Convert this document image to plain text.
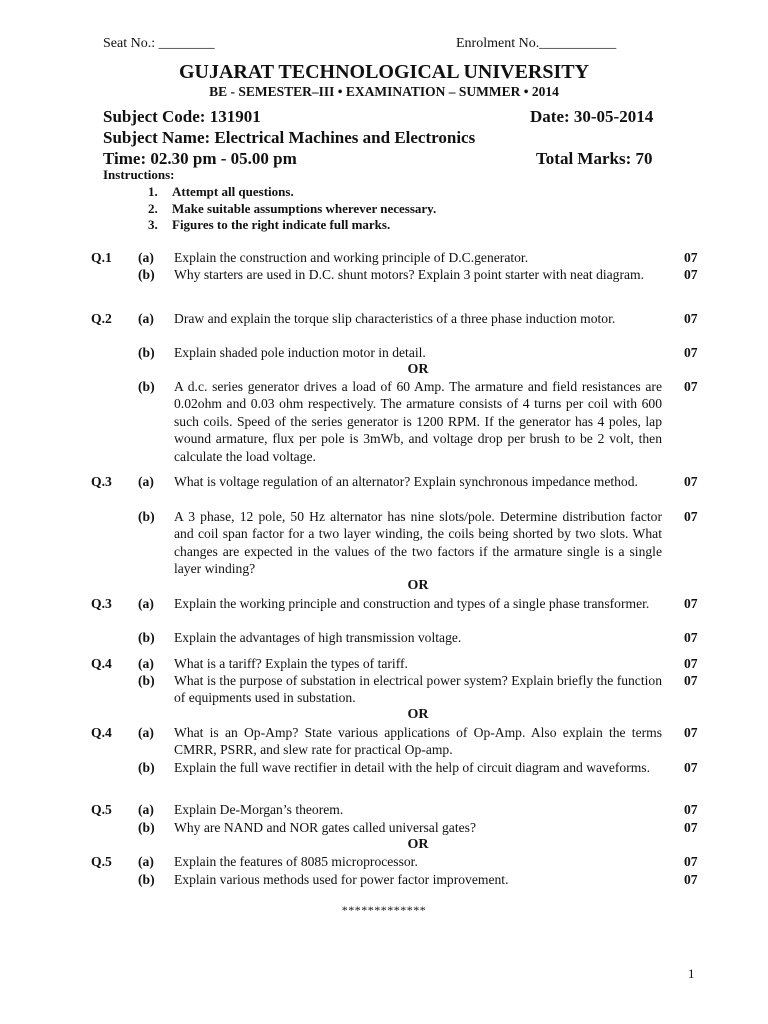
Seat No.: ________	Enrolment No.___________
GUJARAT TECHNOLOGICAL UNIVERSITY
BE - SEMESTER–III • EXAMINATION – SUMMER • 2014
Subject Code: 131901	Date: 30-05-2014
Subject Name: Electrical Machines and Electronics
Time: 02.30 pm - 05.00 pm	Total Marks: 70
Instructions:
1. Attempt all questions.
2. Make suitable assumptions wherever necessary.
3. Figures to the right indicate full marks.
Q.1 (a) Explain the construction and working principle of D.C.generator.	07
(b) Why starters are used in D.C. shunt motors? Explain 3 point starter with neat diagram.	07
Q.2 (a) Draw and explain the torque slip characteristics of a three phase induction motor.	07
(b) Explain shaded pole induction motor in detail.	07
OR
(b) A d.c. series generator drives a load of 60 Amp. The armature and field resistances are 0.02ohm and 0.03 ohm respectively. The armature consists of 4 turns per coil with 600 such coils. Speed of the series generator is 1200 RPM. If the generator has 4 poles, lap wound armature, flux per pole is 3mWb, and voltage drop per brush to be 2 volt, then calculate the load voltage.
07
Q.3 (a) What is voltage regulation of an alternator? Explain synchronous impedance method.	07
(b) A 3 phase, 12 pole, 50 Hz alternator has nine slots/pole. Determine distribution factor and coil span factor for a two layer winding, the coils being shorted by two slots. What changes are expected in the values of the two factors if the armature single is a single layer winding?
07
OR
Q.3 (a) Explain the working principle and construction and types of a single phase transformer.	07
(b) Explain the advantages of high transmission voltage.	07
Q.4 (a) What is a tariff? Explain the types of tariff.	07
(b) What is the purpose of substation in electrical power system? Explain briefly the function of equipments used in substation.
07
OR
Q.4 (a) What is an Op-Amp? State various applications of Op-Amp. Also explain the terms CMRR, PSRR, and slew rate for practical Op-amp.
07
(b) Explain the full wave rectifier in detail with the help of circuit diagram and waveforms.	07
Q.5 (a) Explain De-Morgan’s theorem.	07
(b) Why are NAND and NOR gates called universal gates?	07
OR
Q.5 (a) Explain the features of 8085 microprocessor.	07
(b) Explain various methods used for power factor improvement.	07
*************
1
